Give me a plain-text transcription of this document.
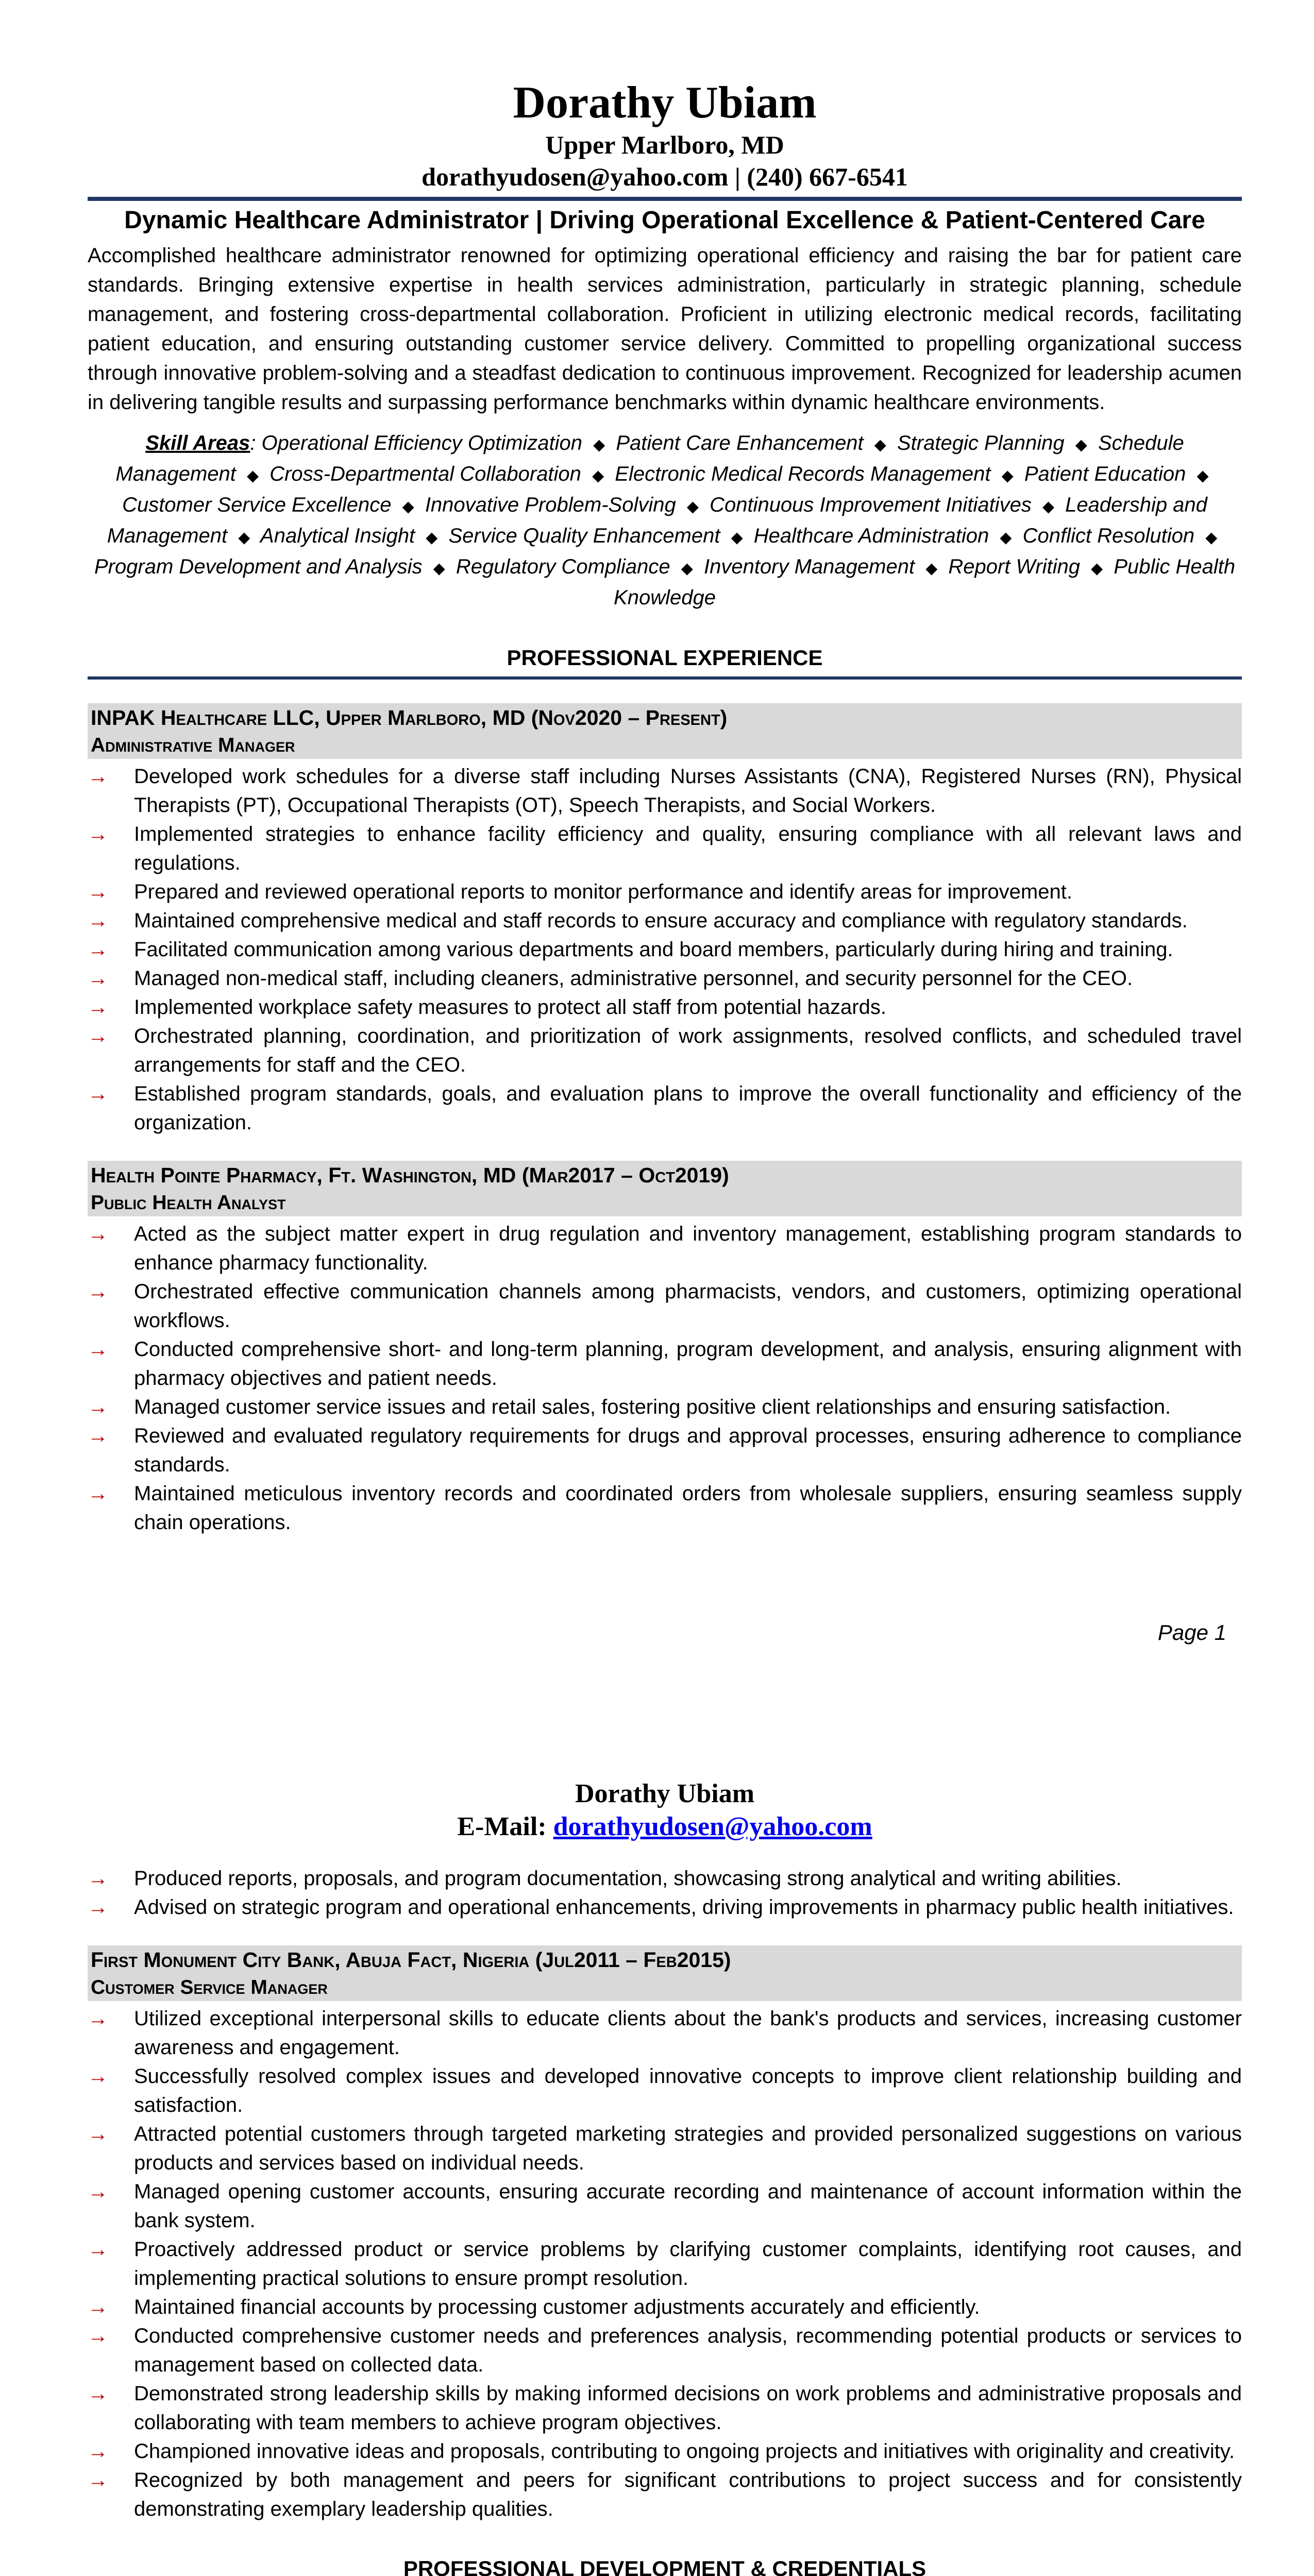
Dorathy Ubiam
Upper Marlboro, MD
dorathyudosen@yahoo.com | (240) 667-6541
Dynamic Healthcare Administrator | Driving Operational Excellence & Patient-Centered Care
Accomplished healthcare administrator renowned for optimizing operational efficiency and raising the bar for patient care standards. Bringing extensive expertise in health services administration, particularly in strategic planning, schedule management, and fostering cross-departmental collaboration. Proficient in utilizing electronic medical records, facilitating patient education, and ensuring outstanding customer service delivery. Committed to propelling organizational success through innovative problem-solving and a steadfast dedication to continuous improvement. Recognized for leadership acumen in delivering tangible results and surpassing performance benchmarks within dynamic healthcare environments.
Skill Areas: Operational Efficiency Optimization ◆ Patient Care Enhancement ◆ Strategic Planning ◆ Schedule Management ◆ Cross-Departmental Collaboration ◆ Electronic Medical Records Management ◆ Patient Education ◆ Customer Service Excellence ◆ Innovative Problem-Solving ◆ Continuous Improvement Initiatives ◆ Leadership and Management ◆ Analytical Insight ◆ Service Quality Enhancement ◆ Healthcare Administration ◆ Conflict Resolution ◆ Program Development and Analysis ◆ Regulatory Compliance ◆ Inventory Management ◆ Report Writing ◆ Public Health Knowledge
PROFESSIONAL EXPERIENCE
INPAK Healthcare LLC, Upper Marlboro, MD (Nov2020 – Present)
Administrative Manager
→ Developed work schedules for a diverse staff including Nurses Assistants (CNA), Registered Nurses (RN), Physical Therapists (PT), Occupational Therapists (OT), Speech Therapists, and Social Workers.
→ Implemented strategies to enhance facility efficiency and quality, ensuring compliance with all relevant laws and regulations.
→ Prepared and reviewed operational reports to monitor performance and identify areas for improvement.
→ Maintained comprehensive medical and staff records to ensure accuracy and compliance with regulatory standards.
→ Facilitated communication among various departments and board members, particularly during hiring and training.
→ Managed non-medical staff, including cleaners, administrative personnel, and security personnel for the CEO.
→ Implemented workplace safety measures to protect all staff from potential hazards.
→ Orchestrated planning, coordination, and prioritization of work assignments, resolved conflicts, and scheduled travel arrangements for staff and the CEO.
→ Established program standards, goals, and evaluation plans to improve the overall functionality and efficiency of the organization.
Health Pointe Pharmacy, Ft. Washington, MD (Mar2017 – Oct2019)
Public Health Analyst
→ Acted as the subject matter expert in drug regulation and inventory management, establishing program standards to enhance pharmacy functionality.
→ Orchestrated effective communication channels among pharmacists, vendors, and customers, optimizing operational workflows.
→ Conducted comprehensive short- and long-term planning, program development, and analysis, ensuring alignment with pharmacy objectives and patient needs.
→ Managed customer service issues and retail sales, fostering positive client relationships and ensuring satisfaction.
→ Reviewed and evaluated regulatory requirements for drugs and approval processes, ensuring adherence to compliance standards.
→ Maintained meticulous inventory records and coordinated orders from wholesale suppliers, ensuring seamless supply chain operations.
Page 1
Dorathy Ubiam
E-Mail: dorathyudosen@yahoo.com
→ Produced reports, proposals, and program documentation, showcasing strong analytical and writing abilities.
→ Advised on strategic program and operational enhancements, driving improvements in pharmacy public health initiatives.
First Monument City Bank, Abuja Fact, Nigeria (Jul2011 – Feb2015)
Customer Service Manager
→ Utilized exceptional interpersonal skills to educate clients about the bank's products and services, increasing customer awareness and engagement.
→ Successfully resolved complex issues and developed innovative concepts to improve client relationship building and satisfaction.
→ Attracted potential customers through targeted marketing strategies and provided personalized suggestions on various products and services based on individual needs.
→ Managed opening customer accounts, ensuring accurate recording and maintenance of account information within the bank system.
→ Proactively addressed product or service problems by clarifying customer complaints, identifying root causes, and implementing practical solutions to ensure prompt resolution.
→ Maintained financial accounts by processing customer adjustments accurately and efficiently.
→ Conducted comprehensive customer needs and preferences analysis, recommending potential products or services to management based on collected data.
→ Demonstrated strong leadership skills by making informed decisions on work problems and administrative proposals and collaborating with team members to achieve program objectives.
→ Championed innovative ideas and proposals, contributing to ongoing projects and initiatives with originality and creativity.
→ Recognized by both management and peers for significant contributions to project success and for consistently demonstrating exemplary leadership qualities.
PROFESSIONAL DEVELOPMENT & CREDENTIALS
